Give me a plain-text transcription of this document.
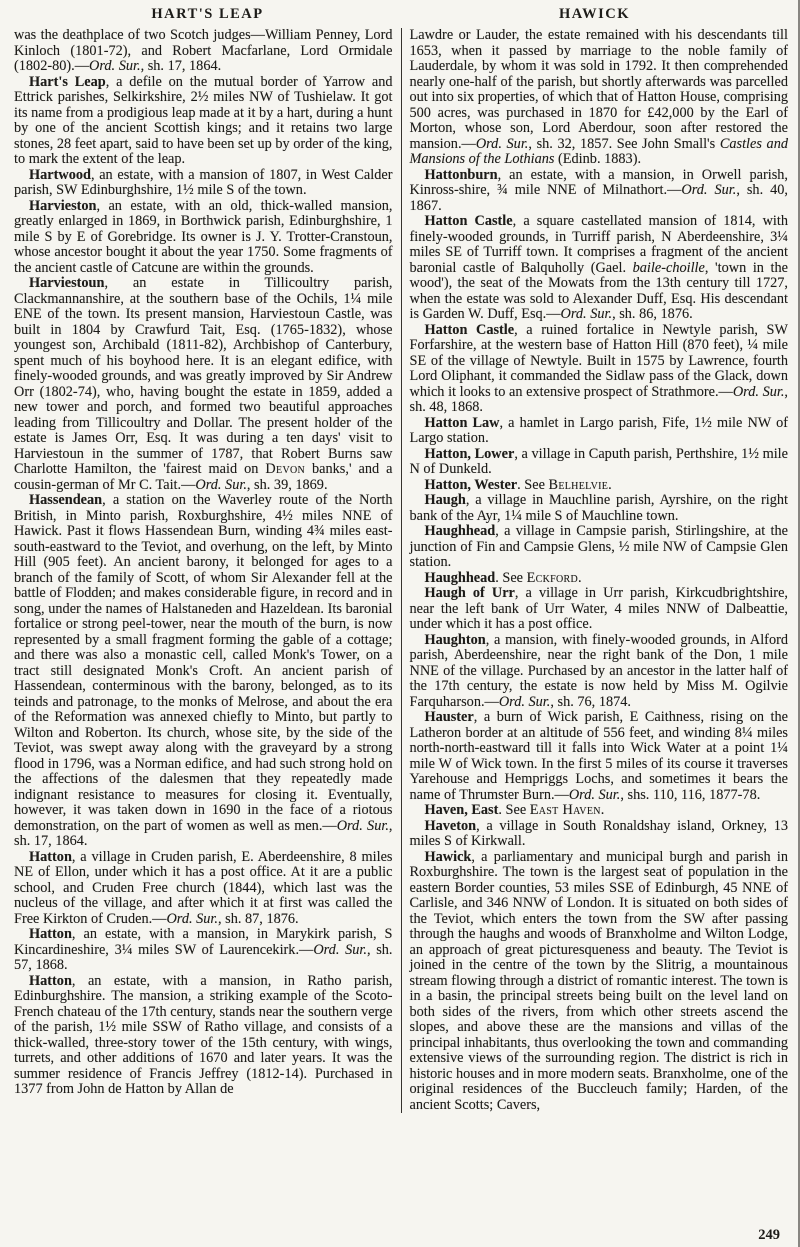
HART'S LEAP	HAWICK

was the deathplace of two Scotch judges—William Penney, Lord Kinloch (1801-72), and Robert Macfarlane, Lord Ormidale (1802-80).—Ord. Sur., sh. 17, 1864.

Hart's Leap, a defile on the mutual border of Yarrow and Ettrick parishes, Selkirkshire, 2½ miles NW of Tushielaw. It got its name from a prodigious leap made at it by a hart, during a hunt by one of the ancient Scottish kings; and it retains two large stones, 28 feet apart, said to have been set up by order of the king, to mark the extent of the leap.

Hartwood, an estate, with a mansion of 1807, in West Calder parish, SW Edinburghshire, 1½ mile S of the town.

Harvieston, an estate, with an old, thick-walled mansion, greatly enlarged in 1869, in Borthwick parish, Edinburghshire, 1 mile S by E of Gorebridge. Its owner is J. Y. Trotter-Cranstoun, whose ancestor bought it about the year 1750. Some fragments of the ancient castle of Catcune are within the grounds.

Harviestoun, an estate in Tillicoultry parish, Clackmannanshire, at the southern base of the Ochils, 1¼ mile ENE of the town. Its present mansion, Harviestoun Castle, was built in 1804 by Crawfurd Tait, Esq. (1765-1832), whose youngest son, Archibald (1811-82), Archbishop of Canterbury, spent much of his boyhood here. It is an elegant edifice, with finely-wooded grounds, and was greatly improved by Sir Andrew Orr (1802-74), who, having bought the estate in 1859, added a new tower and porch, and formed two beautiful approaches leading from Tillicoultry and Dollar. The present holder of the estate is James Orr, Esq. It was during a ten days' visit to Harviestoun in the summer of 1787, that Robert Burns saw Charlotte Hamilton, the 'fairest maid on Devon banks,' and a cousin-german of Mr C. Tait.—Ord. Sur., sh. 39, 1869.

Hassendean, a station on the Waverley route of the North British, in Minto parish, Roxburghshire, 4½ miles NNE of Hawick. Past it flows Hassendean Burn, winding 4¾ miles east-south-eastward to the Teviot, and overhung, on the left, by Minto Hill (905 feet). An ancient barony, it belonged for ages to a branch of the family of Scott, of whom Sir Alexander fell at the battle of Flodden; and makes considerable figure, in record and in song, under the names of Halstaneden and Hazeldean. Its baronial fortalice or strong peel-tower, near the mouth of the burn, is now represented by a small fragment forming the gable of a cottage; and there was also a monastic cell, called Monk's Tower, on a tract still designated Monk's Croft. An ancient parish of Hassendean, conterminous with the barony, belonged, as to its teinds and patronage, to the monks of Melrose, and about the era of the Reformation was annexed chiefly to Minto, but partly to Wilton and Roberton. Its church, whose site, by the side of the Teviot, was swept away along with the graveyard by a strong flood in 1796, was a Norman edifice, and had such strong hold on the affections of the dalesmen that they repeatedly made indignant resistance to measures for closing it. Eventually, however, it was taken down in 1690 in the face of a riotous demonstration, on the part of women as well as men.—Ord. Sur., sh. 17, 1864.

Hatton, a village in Cruden parish, E. Aberdeenshire, 8 miles NE of Ellon, under which it has a post office. At it are a public school, and Cruden Free church (1844), which last was the nucleus of the village, and after which it at first was called the Free Kirkton of Cruden.—Ord. Sur., sh. 87, 1876.

Hatton, an estate, with a mansion, in Marykirk parish, S Kincardineshire, 3¼ miles SW of Laurencekirk.—Ord. Sur., sh. 57, 1868.

Hatton, an estate, with a mansion, in Ratho parish, Edinburghshire. The mansion, a striking example of the Scoto-French chateau of the 17th century, stands near the southern verge of the parish, 1½ mile SSW of Ratho village, and consists of a thick-walled, three-story tower of the 15th century, with wings, turrets, and other additions of 1670 and later years. It was the summer residence of Francis Jeffrey (1812-14). Purchased in 1377 from John de Hatton by Allan de

Lawdre or Lauder, the estate remained with his descendants till 1653, when it passed by marriage to the noble family of Lauderdale, by whom it was sold in 1792. It then comprehended nearly one-half of the parish, but shortly afterwards was parcelled out into six properties, of which that of Hatton House, comprising 500 acres, was purchased in 1870 for £42,000 by the Earl of Morton, whose son, Lord Aberdour, soon after restored the mansion.—Ord. Sur., sh. 32, 1857. See John Small's Castles and Mansions of the Lothians (Edinb. 1883).

Hattonburn, an estate, with a mansion, in Orwell parish, Kinross-shire, ¾ mile NNE of Milnathort.—Ord. Sur., sh. 40, 1867.

Hatton Castle, a square castellated mansion of 1814, with finely-wooded grounds, in Turriff parish, N Aberdeenshire, 3¼ miles SE of Turriff town. It comprises a fragment of the ancient baronial castle of Balquholly (Gael. baile-choille, 'town in the wood'), the seat of the Mowats from the 13th century till 1727, when the estate was sold to Alexander Duff, Esq. His descendant is Garden W. Duff, Esq.—Ord. Sur., sh. 86, 1876.

Hatton Castle, a ruined fortalice in Newtyle parish, SW Forfarshire, at the western base of Hatton Hill (870 feet), ¼ mile SE of the village of Newtyle. Built in 1575 by Lawrence, fourth Lord Oliphant, it commanded the Sidlaw pass of the Glack, down which it looks to an extensive prospect of Strathmore.—Ord. Sur., sh. 48, 1868.

Hatton Law, a hamlet in Largo parish, Fife, 1½ mile NW of Largo station.

Hatton, Lower, a village in Caputh parish, Perthshire, 1½ mile N of Dunkeld.

Hatton, Wester. See Belhelvie.

Haugh, a village in Mauchline parish, Ayrshire, on the right bank of the Ayr, 1¼ mile S of Mauchline town.

Haughhead, a village in Campsie parish, Stirlingshire, at the junction of Fin and Campsie Glens, ½ mile NW of Campsie Glen station.

Haughhead. See Eckford.

Haugh of Urr, a village in Urr parish, Kirkcudbrightshire, near the left bank of Urr Water, 4 miles NNW of Dalbeattie, under which it has a post office.

Haughton, a mansion, with finely-wooded grounds, in Alford parish, Aberdeenshire, near the right bank of the Don, 1 mile NNE of the village. Purchased by an ancestor in the latter half of the 17th century, the estate is now held by Miss M. Ogilvie Farquharson.—Ord. Sur., sh. 76, 1874.

Hauster, a burn of Wick parish, E Caithness, rising on the Latheron border at an altitude of 556 feet, and winding 8¼ miles north-north-eastward till it falls into Wick Water at a point 1¼ mile W of Wick town. In the first 5 miles of its course it traverses Yarehouse and Hempriggs Lochs, and sometimes it bears the name of Thrumster Burn.—Ord. Sur., shs. 110, 116, 1877-78.

Haven, East. See East Haven.

Haveton, a village in South Ronaldshay island, Orkney, 13 miles S of Kirkwall.

Hawick, a parliamentary and municipal burgh and parish in Roxburghshire. The town is the largest seat of population in the eastern Border counties, 53 miles SSE of Edinburgh, 45 NNE of Carlisle, and 346 NNW of London. It is situated on both sides of the Teviot, which enters the town from the SW after passing through the haughs and woods of Branxholme and Wilton Lodge, an approach of great picturesqueness and beauty. The Teviot is joined in the centre of the town by the Slitrig, a mountainous stream flowing through a district of romantic interest. The town is in a basin, the principal streets being built on the level land on both sides of the rivers, from which other streets ascend the slopes, and above these are the mansions and villas of the principal inhabitants, thus overlooking the town and commanding extensive views of the surrounding region. The district is rich in historic houses and in more modern seats. Branxholme, one of the original residences of the Buccleuch family; Harden, of the ancient Scotts; Cavers,

249
